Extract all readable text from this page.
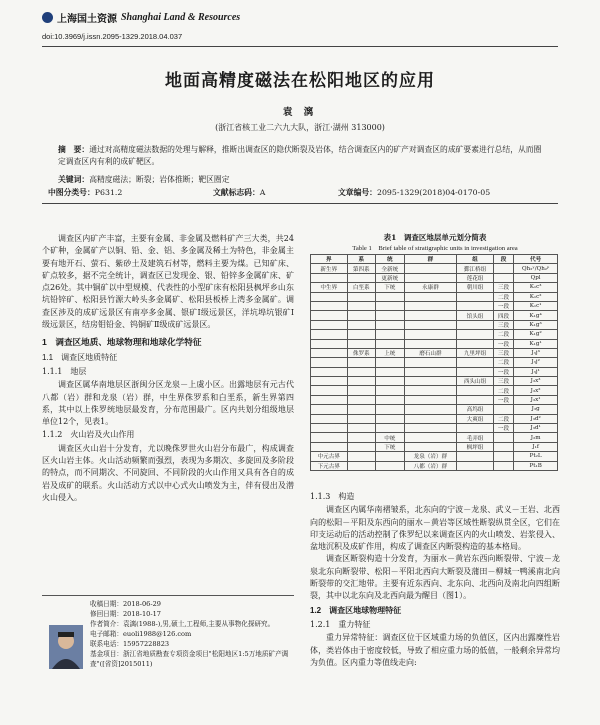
上海国土资源 Shanghai Land & Resources
doi:10.3969/j.issn.2095-1329.2018.04.037
地面高精度磁法在松阳地区的应用
袁 漓
(浙江省核工业二六九大队，浙江·湖州 313000)
摘　要：通过对高精度磁法数据的处理与解释，推断出调查区的隐伏断裂及岩体，结合调查区内的矿产对调查区的成矿要素进行总结，从而圈定调查区内有利的成矿靶区。
关键词：高精度磁法；断裂；岩体推断；靶区圈定
中图分类号：P631.2	文献标志码：A	文章编号：2095-1329(2018)04-0170-05

调查区内矿产丰富，主要有金属、非金属及燃料矿产三大类，共24个矿种，金属矿产以铜、铅、金、铝、多金属及稀土为特色，非金属主要有地开石、萤石、紫砂土及建筑石材等，燃料主要为煤。已知矿床、矿点较多，据不完全统计，调查区已发现金、银、铅锌多金属矿床、矿点26处。其中铜矿以中型规模、代表性的小型矿床有松阳县枫坪乡山东坑铅锌矿、松阳县竹源大岭头多金属矿、松阳县板桥上湾多金属矿。调查区涉及的成矿远景区有南亭多金属、银矿Ⅰ级远景区，洋坑埠坑银矿Ⅰ级远景区，结房钼铅金、钨铜矿Ⅱ级成矿远景区。

1　调查区地质、地球物理和地球化学特征
1.1　调查区地质特征
1.1.1　地层

调查区属华南地层区浙闽分区龙泉－上虞小区。出露地层有元古代八都（岩）群和龙泉（岩）群，中生界侏罗系和白垩系，新生界第四系，其中以上侏罗统地层最发育，分布范围最广。区内共划分组级地层单位12个，见表1。

1.1.2　火山岩及火山作用

调查区火山岩十分发育，尤以晚侏罗世火山岩分布最广，构成调查区火山岩主体。火山活动频繁而强烈，表现为多期次、多旋回及多阶段的特点，而不同期次、不同旋回、不同阶段的火山作用又具有各自的成岩及成矿的联系。火山活动方式以中心式火山喷发为主，伴有侵出及潜火山侵入。

收稿日期：2018-06-29
修回日期：2018-10-17
作者简介：袁漓(1988-),男,硕士,工程师,主要从事物化探研究。
电子邮箱：euoli1988@126.com
联系电话：15957228823
基金项目：浙江省地质勘查专项资金项目"松阳地区1:5万地质矿产调查"([省资]2015011)
表1　调查区地层单元划分简表
Table 1　Brief table of stratigraphic units in investigation area
界	系	统	群	组	段	代号
新生界	第四系	全新统		鄞江桥组		Qh₂ʸ/Qh₂ᵖ
		更新统		莲花组		Qpl
中生界	白垩系	下统	永康群	朝川组	三段	K₁c³
					二段	K₁c²
					一段	K₁c¹
				馆头组	四段	K₁g⁴
					三段	K₁g³
					二段	K₁g²
					一段	K₁g¹
	侏罗系	上统	磨石山群	九里坪组	三段	J₃j³
					二段	J₃j²
					一段	J₃j¹
				西头山组	三段	J₃x³
					二段	J₃x²
					一段	J₃x¹
				高坞组		J₃g
				大爽组	二段	J₃d²
					一段	J₃d¹
		中统		毛弄组		J₂m
		下统		枫坪组		J₁f
中元古界			龙泉（岩）群			Pt₂L
下元古界			八都（岩）群			Pt₁B
1.1.3　构造

调查区内属华南褶皱系，北东向的宁波－龙泉、武义－王岩、北西向的松阳－平阳及东西向的丽水－黄岩等区域性断裂纵贯全区，它们在印支运动后的活动控制了侏罗纪以来调查区内的火山喷发、岩浆侵入、盆地沉积及成矿作用，构成了调查区内断裂构造的基本格局。

调查区断裂构造十分发育，为丽水－黄岩东西向断裂带、宁波－龙泉北东向断裂带、松阳－平阳北西向大断裂及蒲田－柳城一鸭溪南北向断裂带的交汇地带。主要有近东西向、北东向、北西向及南北向四组断裂，其中以北东向及北西向最为醒目（图1）。

1.2　调查区地球物理特征
1.2.1　重力特征

重力异常特征：调查区位于区域重力场的负值区，区内出露糜性岩体，类岩体由于密度较低，导致了相应重力场的低值，一般剩余异常均为负值。区内重力等值线走向:
